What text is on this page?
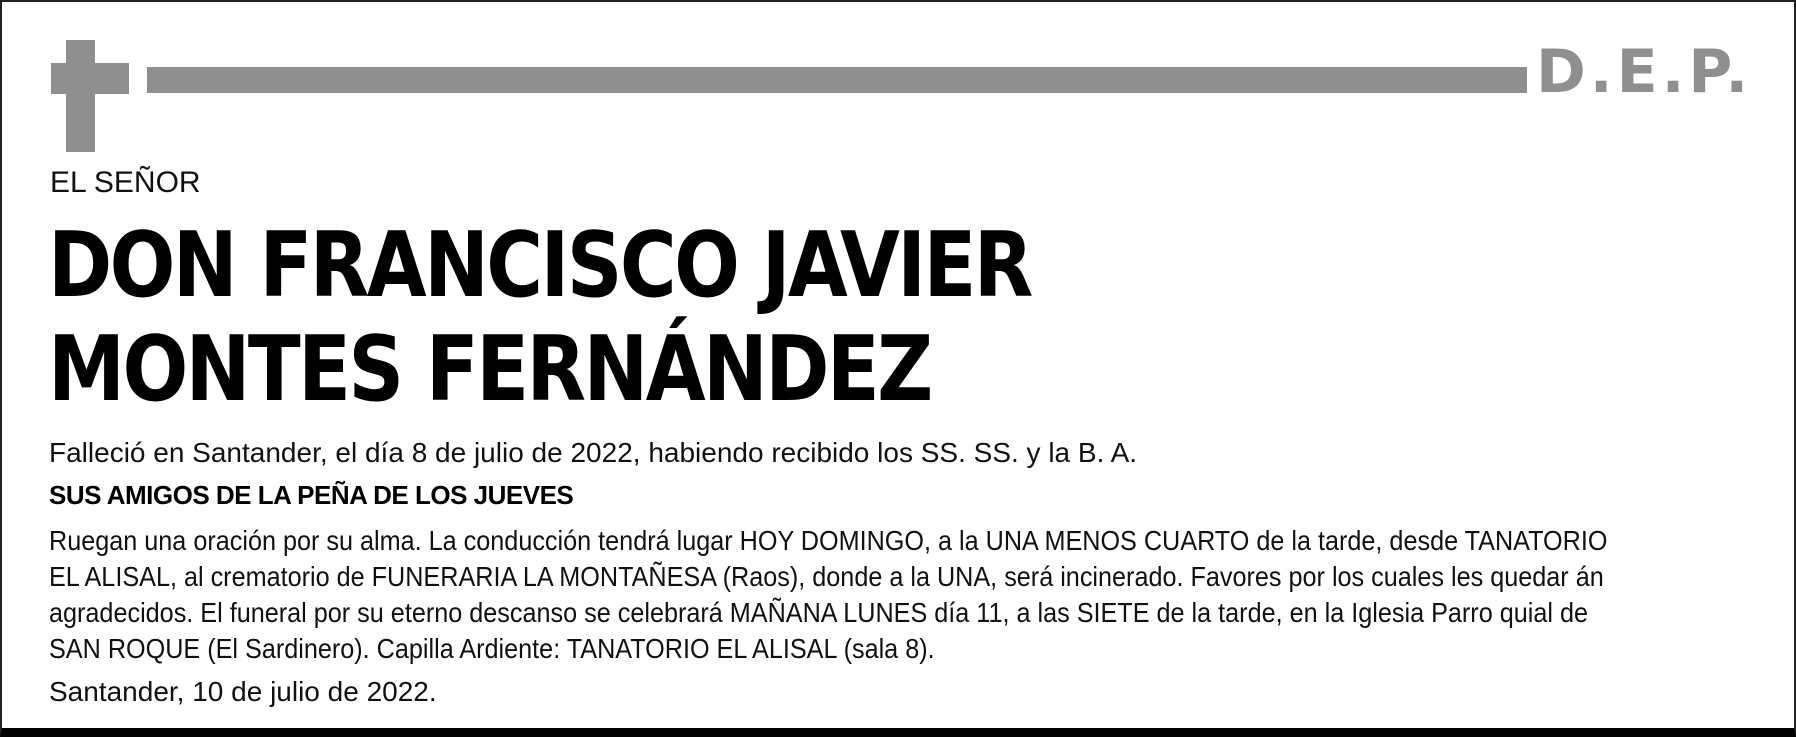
D.E.P.
EL SEÑOR
DON FRANCISCO JAVIER
MONTES FERNÁNDEZ
Falleció en Santander, el día 8 de julio de 2022, habiendo recibido los SS. SS. y la B. A.
SUS AMIGOS DE LA PEÑA DE LOS JUEVES
Ruegan una oración por su alma. La conducción tendrá lugar HOY DOMINGO, a la UNA MENOS CUARTO de la tarde, desde TANATORIO
EL ALISAL, al crematorio de FUNERARIA LA MONTAÑESA (Raos), donde a la UNA, será incinerado. Favores por los cuales les quedar án
agradecidos. El funeral por su eterno descanso se celebrará MAÑANA LUNES día 11, a las SIETE de la tarde, en la Iglesia Parro quial de
SAN ROQUE (El Sardinero). Capilla Ardiente: TANATORIO EL ALISAL (sala 8).
Santander, 10 de julio de 2022.
